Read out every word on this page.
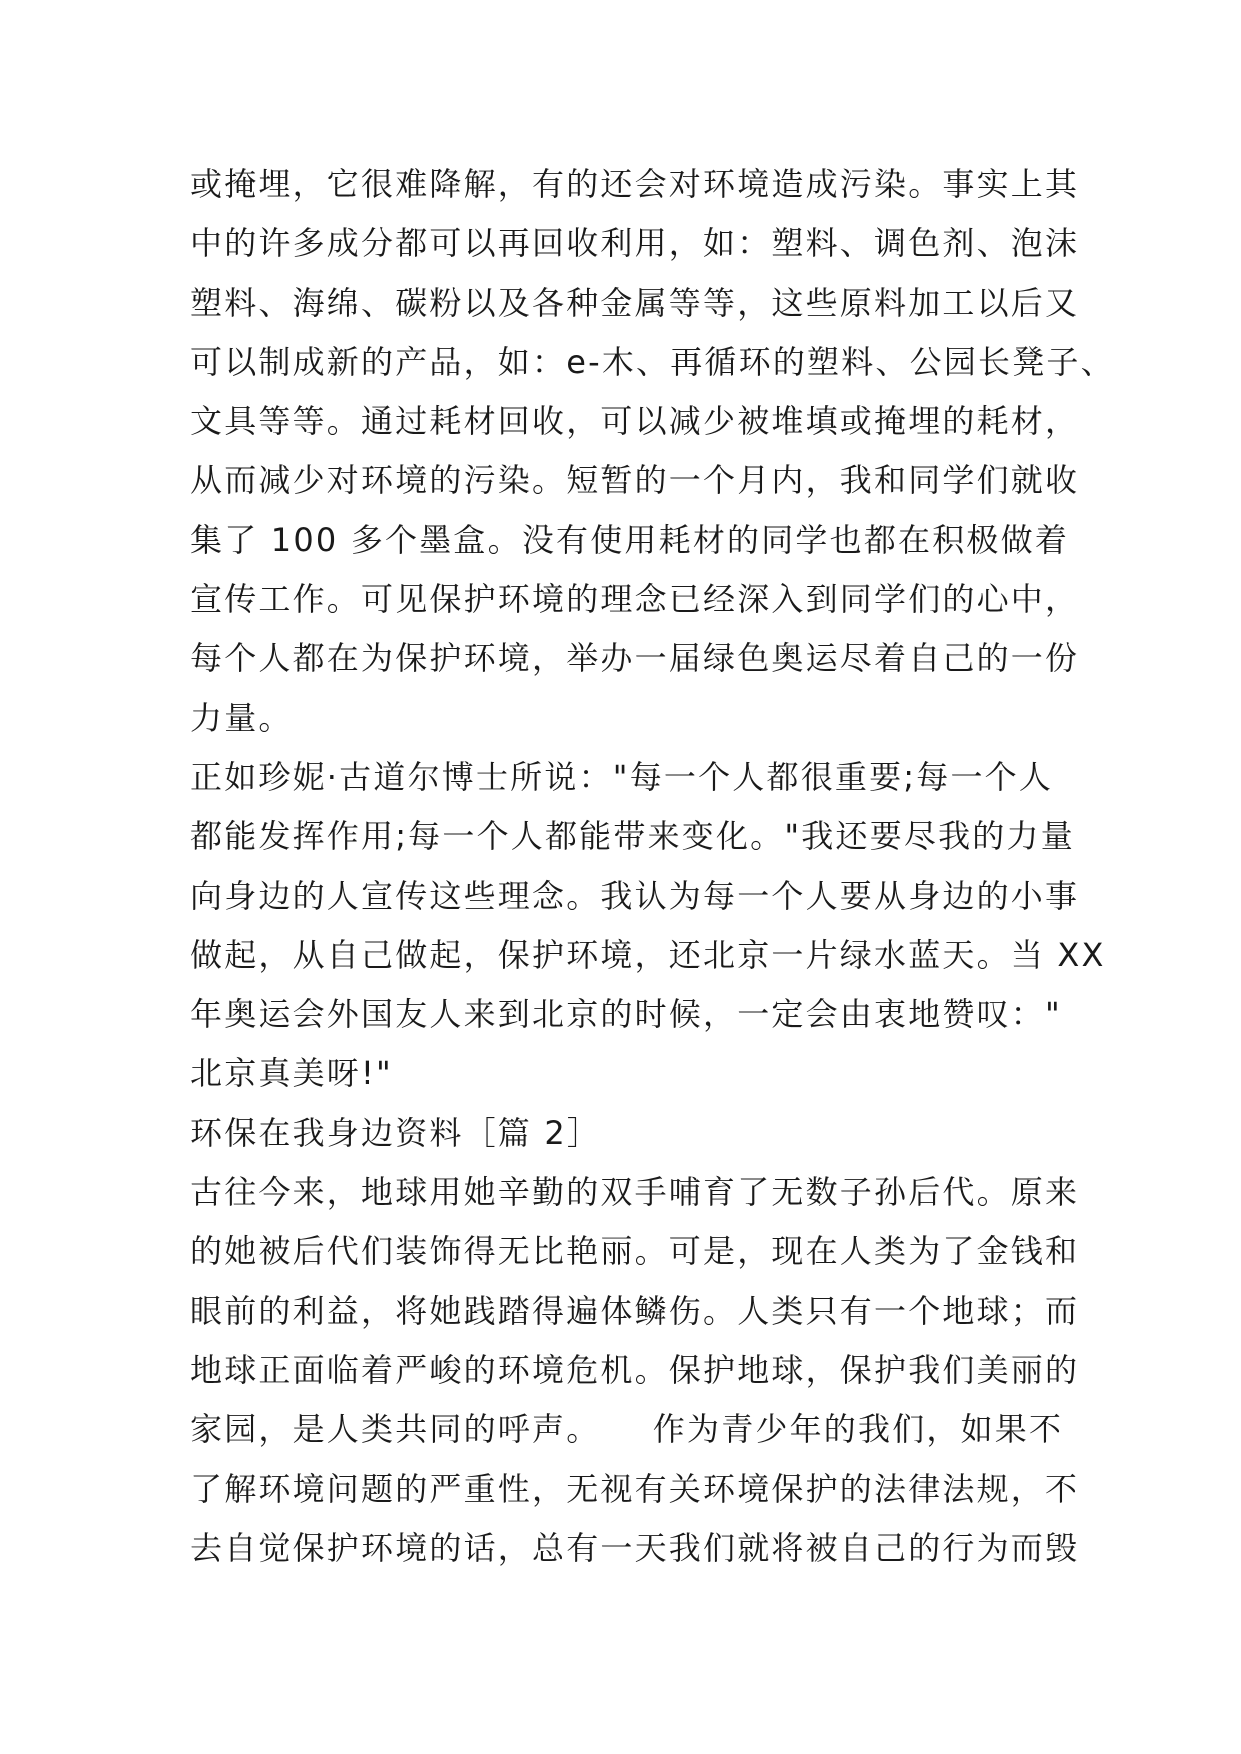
或掩埋，它很难降解，有的还会对环境造成污染。事实上其
中的许多成分都可以再回收利用，如：塑料、调色剂、泡沫
塑料、海绵、碳粉以及各种金属等等，这些原料加工以后又
可以制成新的产品，如：e-木、再循环的塑料、公园长凳子、
文具等等。通过耗材回收，可以减少被堆填或掩埋的耗材，
从而减少对环境的污染。短暂的一个月内，我和同学们就收
集了 100 多个墨盒。没有使用耗材的同学也都在积极做着
宣传工作。可见保护环境的理念已经深入到同学们的心中，
每个人都在为保护环境，举办一届绿色奥运尽着自己的一份
力量。
正如珍妮·古道尔博士所说："每一个人都很重要;每一个人
都能发挥作用;每一个人都能带来变化。"我还要尽我的力量
向身边的人宣传这些理念。我认为每一个人要从身边的小事
做起，从自己做起，保护环境，还北京一片绿水蓝天。当 XX
年奥运会外国友人来到北京的时候，一定会由衷地赞叹："
北京真美呀!"
环保在我身边资料［篇 2］
古往今来，地球用她辛勤的双手哺育了无数子孙后代。原来
的她被后代们装饰得无比艳丽。可是，现在人类为了金钱和
眼前的利益，将她践踏得遍体鳞伤。人类只有一个地球；而
地球正面临着严峻的环境危机。保护地球，保护我们美丽的
家园，是人类共同的呼声。　　作为青少年的我们，如果不
了解环境问题的严重性，无视有关环境保护的法律法规，不
去自觉保护环境的话，总有一天我们就将被自己的行为而毁
